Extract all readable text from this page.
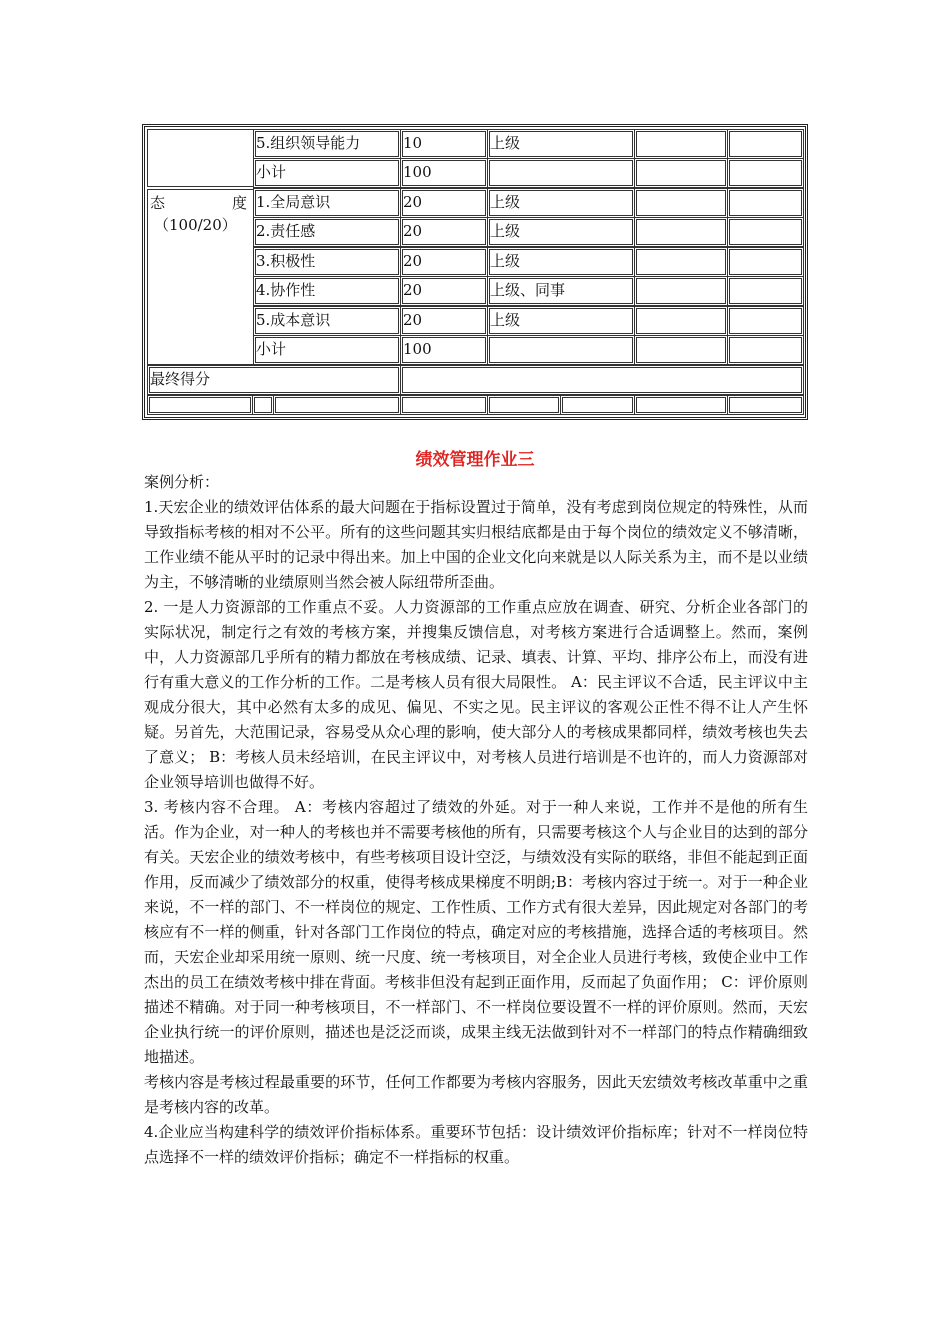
态	度
（100/20）
5.组织领导能力	10	上级
小计	100
1.全局意识	20	上级
2.责任感	20	上级
3.积极性	20	上级
4.协作性	20	上级、同事
5.成本意识	20	上级
小计	100
最终得分
绩效管理作业三

案例分析：

1.天宏企业的绩效评估体系的最大问题在于指标设置过于简单，没有考虑到岗位规定的特殊性，从而导致指标考核的相对不公平。所有的这些问题其实归根结底都是由于每个岗位的绩效定义不够清晰，工作业绩不能从平时的记录中得出来。加上中国的企业文化向来就是以人际关系为主，而不是以业绩为主，不够清晰的业绩原则当然会被人际纽带所歪曲。

2. 一是人力资源部的工作重点不妥。人力资源部的工作重点应放在调查、研究、分析企业各部门的实际状况，制定行之有效的考核方案，并搜集反馈信息，对考核方案进行合适调整上。然而，案例中，人力资源部几乎所有的精力都放在考核成绩、记录、填表、计算、平均、排序公布上，而没有进行有重大意义的工作分析的工作。二是考核人员有很大局限性。 A：民主评议不合适，民主评议中主观成分很大，其中必然有太多的成见、偏见、不实之见。民主评议的客观公正性不得不让人产生怀疑。另首先，大范围记录，容易受从众心理的影响，使大部分人的考核成果都同样，绩效考核也失去了意义； B：考核人员未经培训，在民主评议中，对考核人员进行培训是不也许的，而人力资源部对企业领导培训也做得不好。

3. 考核内容不合理。 A：考核内容超过了绩效的外延。对于一种人来说，工作并不是他的所有生活。作为企业，对一种人的考核也并不需要考核他的所有，只需要考核这个人与企业目的达到的部分有关。天宏企业的绩效考核中，有些考核项目设计空泛，与绩效没有实际的联络，非但不能起到正面作用，反而减少了绩效部分的权重，使得考核成果梯度不明朗;B：考核内容过于统一。对于一种企业来说，不一样的部门、不一样岗位的规定、工作性质、工作方式有很大差异，因此规定对各部门的考核应有不一样的侧重，针对各部门工作岗位的特点，确定对应的考核措施，选择合适的考核项目。然而，天宏企业却采用统一原则、统一尺度、统一考核项目，对全企业人员进行考核，致使企业中工作杰出的员工在绩效考核中排在背面。考核非但没有起到正面作用，反而起了负面作用； C：评价原则描述不精确。对于同一种考核项目，不一样部门、不一样岗位要设置不一样的评价原则。然而，天宏企业执行统一的评价原则，描述也是泛泛而谈，成果主线无法做到针对不一样部门的特点作精确细致地描述。

考核内容是考核过程最重要的环节，任何工作都要为考核内容服务，因此天宏绩效考核改革重中之重是考核内容的改革。

4.企业应当构建科学的绩效评价指标体系。重要环节包括：设计绩效评价指标库；针对不一样岗位特点选择不一样的绩效评价指标；确定不一样指标的权重。
